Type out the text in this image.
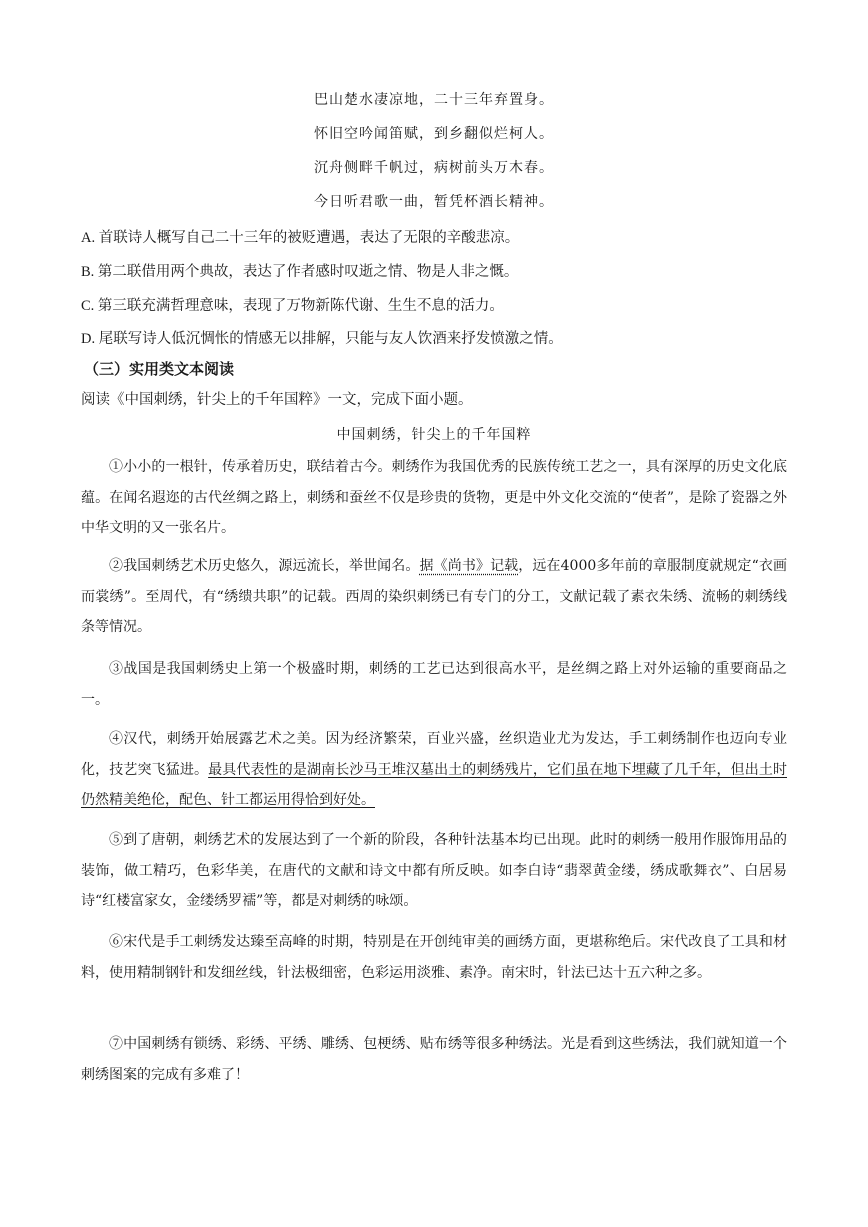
巴山楚水凄凉地，二十三年弃置身。
怀旧空吟闻笛赋，到乡翻似烂柯人。
沉舟侧畔千帆过，病树前头万木春。
今日听君歌一曲，暂凭杯酒长精神。
A. 首联诗人概写自己二十三年的被贬遭遇，表达了无限的辛酸悲凉。
B. 第二联借用两个典故，表达了作者感时叹逝之情、物是人非之慨。
C. 第三联充满哲理意味，表现了万物新陈代谢、生生不息的活力。
D. 尾联写诗人低沉惆怅的情感无以排解，只能与友人饮酒来抒发愤激之情。
（三）实用类文本阅读
阅读《中国刺绣，针尖上的千年国粹》一文，完成下面小题。
中国刺绣，针尖上的千年国粹
①小小的一根针，传承着历史，联结着古今。刺绣作为我国优秀的民族传统工艺之一，具有深厚的历史文化底蕴。在闻名遐迩的古代丝绸之路上，刺绣和蚕丝不仅是珍贵的货物，更是中外文化交流的“使者”，是除了瓷器之外中华文明的又一张名片。
②我国刺绣艺术历史悠久，源远流长，举世闻名。据《尚书》记载，远在4000多年前的章服制度就规定“衣画而裳绣”。至周代，有“绣缋共职”的记载。西周的染织刺绣已有专门的分工，文献记载了素衣朱绣、流畅的刺绣线条等情况。
③战国是我国刺绣史上第一个极盛时期，刺绣的工艺已达到很高水平，是丝绸之路上对外运输的重要商品之一。
④汉代，刺绣开始展露艺术之美。因为经济繁荣，百业兴盛，丝织造业尤为发达，手工刺绣制作也迈向专业化，技艺突飞猛进。最具代表性的是湖南长沙马王堆汉墓出土的刺绣残片，它们虽在地下埋藏了几千年，但出土时仍然精美绝伦，配色、针工都运用得恰到好处。
⑤到了唐朝，刺绣艺术的发展达到了一个新的阶段，各种针法基本均已出现。此时的刺绣一般用作服饰用品的装饰，做工精巧，色彩华美，在唐代的文献和诗文中都有所反映。如李白诗“翡翠黄金缕，绣成歌舞衣”、白居易诗“红楼富家女，金缕绣罗襦”等，都是对刺绣的咏颂。
⑥宋代是手工刺绣发达臻至高峰的时期，特别是在开创纯审美的画绣方面，更堪称绝后。宋代改良了工具和材料，使用精制钢针和发细丝线，针法极细密，色彩运用淡雅、素净。南宋时，针法已达十五六种之多。
⑦中国刺绣有锁绣、彩绣、平绣、雕绣、包梗绣、贴布绣等很多种绣法。光是看到这些绣法，我们就知道一个刺绣图案的完成有多难了！
